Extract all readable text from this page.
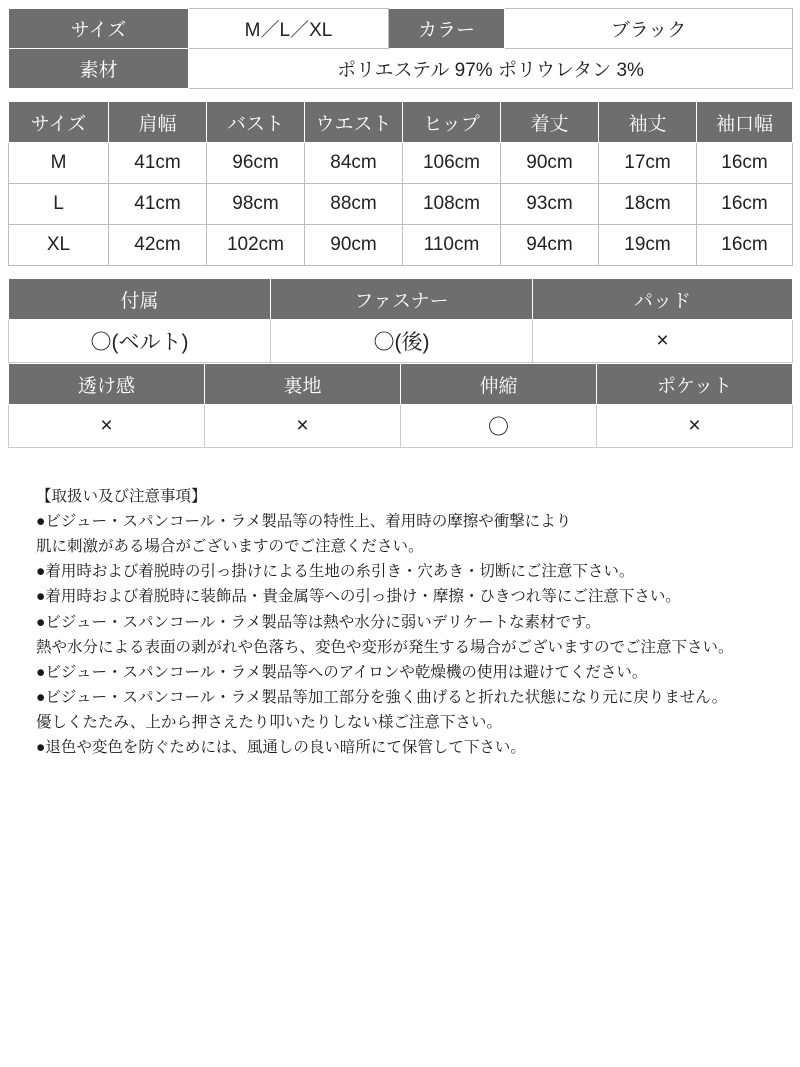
サイズ	M／L／XL	カラー	ブラック
素材	ポリエステル 97% ポリウレタン 3%		
サイズ	肩幅	バスト	ウエスト	ヒップ	着丈	袖丈	袖口幅
M	41cm	96cm	84cm	106cm	90cm	17cm	16cm
L	41cm	98cm	88cm	108cm	93cm	18cm	16cm
XL	42cm	102cm	90cm	110cm	94cm	19cm	16cm
付属	ファスナー	パッド
〇(ベルト)	〇(後)	×
透け感	裏地	伸縮	ポケット
×	×	〇	×
【取扱い及び注意事項】
●ビジュー・スパンコール・ラメ製品等の特性上、着用時の摩擦や衝撃により
肌に刺激がある場合がございますのでご注意ください。
●着用時および着脱時の引っ掛けによる生地の糸引き・穴あき・切断にご注意下さい。
●着用時および着脱時に装飾品・貴金属等への引っ掛け・摩擦・ひきつれ等にご注意下さい。
●ビジュー・スパンコール・ラメ製品等は熱や水分に弱いデリケートな素材です。
熱や水分による表面の剥がれや色落ち、変色や変形が発生する場合がございますのでご注意下さい。
●ビジュー・スパンコール・ラメ製品等へのアイロンや乾燥機の使用は避けてください。
●ビジュー・スパンコール・ラメ製品等加工部分を強く曲げると折れた状態になり元に戻りません。
優しくたたみ、上から押さえたり叩いたりしない様ご注意下さい。
●退色や変色を防ぐためには、風通しの良い暗所にて保管して下さい。
